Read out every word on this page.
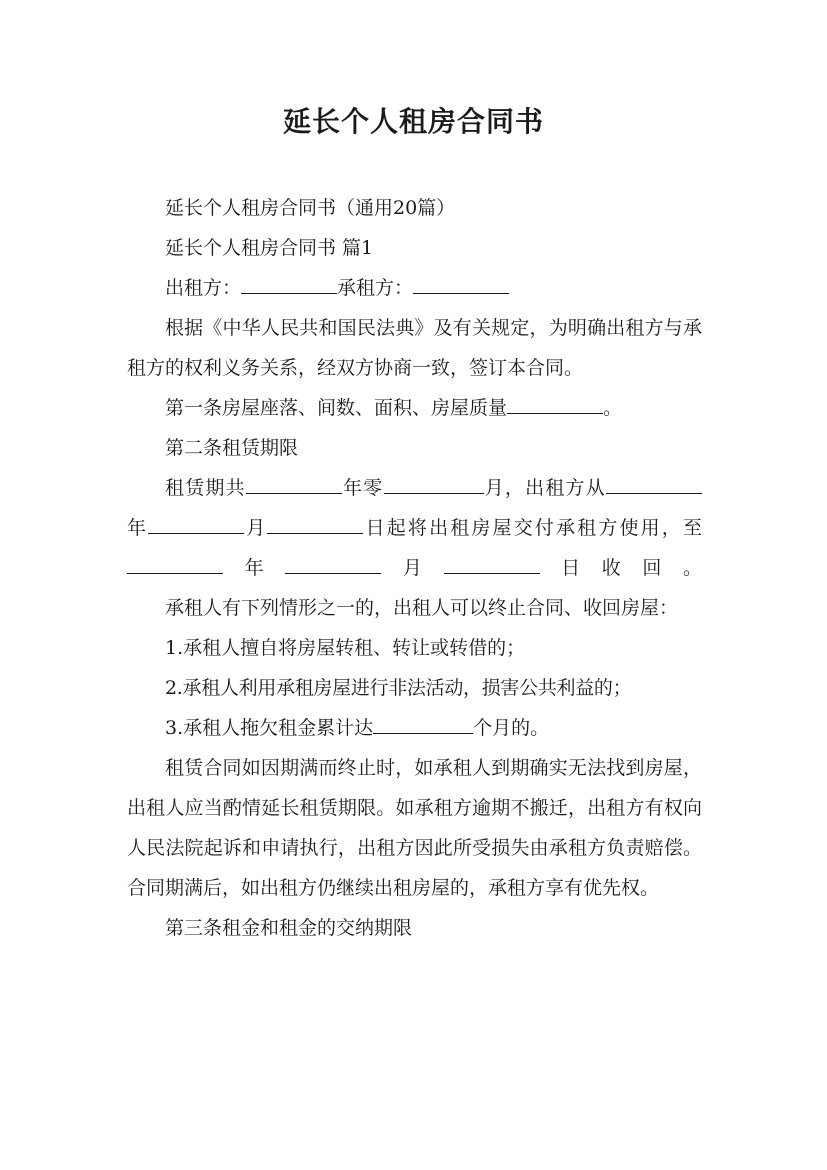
延长个人租房合同书

延长个人租房合同书（通用20篇）

延长个人租房合同书 篇1

出租方：	承租方：

根据《中华人民共和国民法典》及有关规定，为明确出租方与承租方的权利义务关系，经双方协商一致，签订本合同。

第一条房屋座落、间数、面积、房屋质量	。

第二条租赁期限

租赁期共	年零	月，出租方从年	月	日起将出租房屋交付承租方使用，至年	月	日收回。

承租人有下列情形之一的，出租人可以终止合同、收回房屋：

1.承租人擅自将房屋转租、转让或转借的；

2.承租人利用承租房屋进行非法活动，损害公共利益的；

3.承租人拖欠租金累计达	个月的。

租赁合同如因期满而终止时，如承租人到期确实无法找到房屋，出租人应当酌情延长租赁期限。如承租方逾期不搬迁，出租方有权向人民法院起诉和申请执行，出租方因此所受损失由承租方负责赔偿。合同期满后，如出租方仍继续出租房屋的，承租方享有优先权。

第三条租金和租金的交纳期限
